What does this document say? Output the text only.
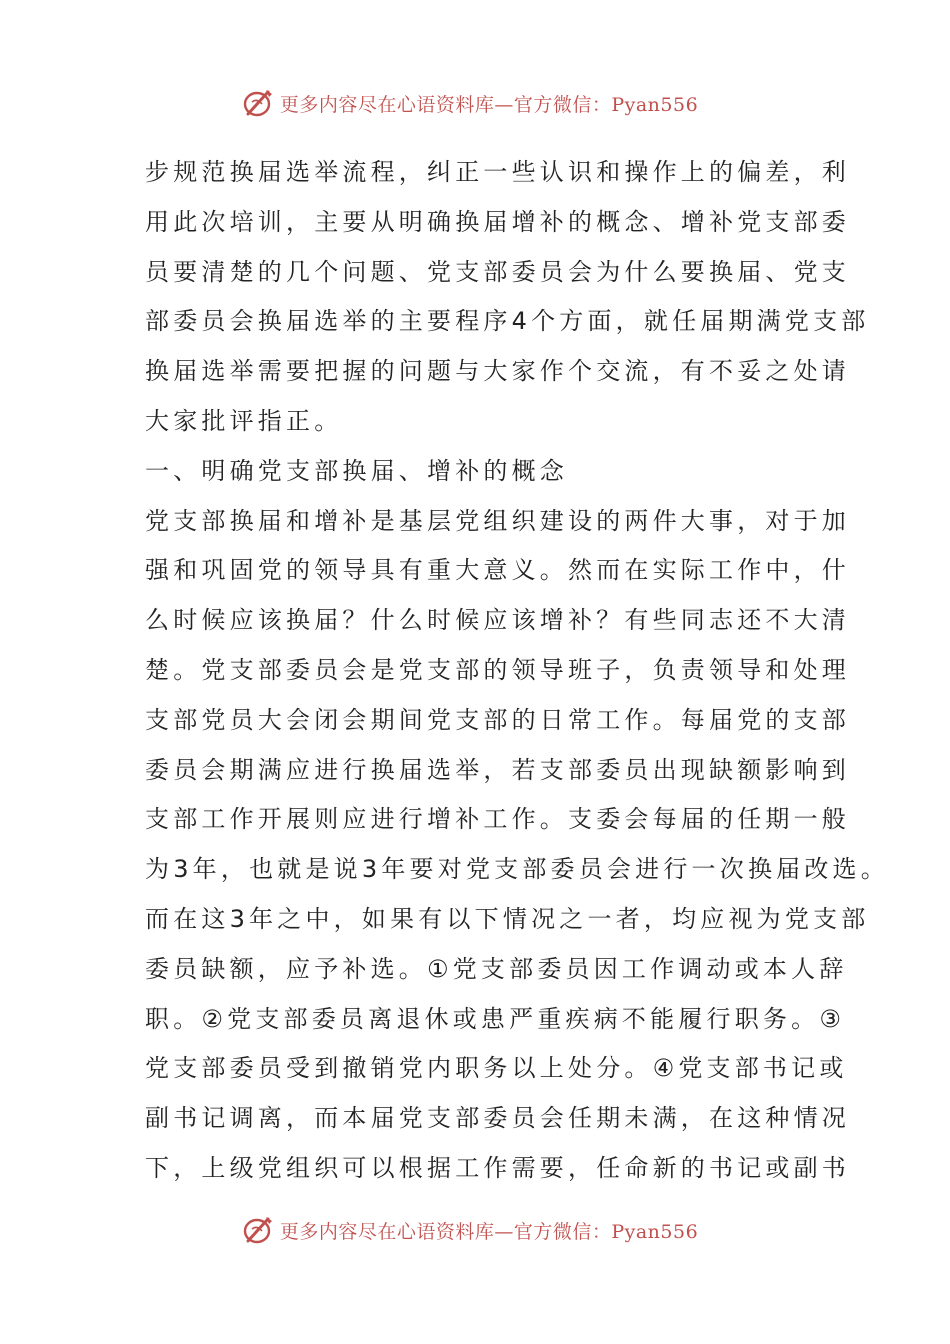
更多内容尽在心语资料库—官方微信：Pyan556
步规范换届选举流程，纠正一些认识和操作上的偏差，利
用此次培训，主要从明确换届增补的概念、增补党支部委
员要清楚的几个问题、党支部委员会为什么要换届、党支
部委员会换届选举的主要程序4个方面，就任届期满党支部
换届选举需要把握的问题与大家作个交流，有不妥之处请
大家批评指正。
一、明确党支部换届、增补的概念
党支部换届和增补是基层党组织建设的两件大事，对于加
强和巩固党的领导具有重大意义。然而在实际工作中，什
么时候应该换届？什么时候应该增补？有些同志还不大清
楚。党支部委员会是党支部的领导班子，负责领导和处理
支部党员大会闭会期间党支部的日常工作。每届党的支部
委员会期满应进行换届选举，若支部委员出现缺额影响到
支部工作开展则应进行增补工作。支委会每届的任期一般
为3年，也就是说3年要对党支部委员会进行一次换届改选。
而在这3年之中，如果有以下情况之一者，均应视为党支部
委员缺额，应予补选。①党支部委员因工作调动或本人辞
职。②党支部委员离退休或患严重疾病不能履行职务。③
党支部委员受到撤销党内职务以上处分。④党支部书记或
副书记调离，而本届党支部委员会任期未满，在这种情况
下，上级党组织可以根据工作需要，任命新的书记或副书
更多内容尽在心语资料库—官方微信：Pyan556
